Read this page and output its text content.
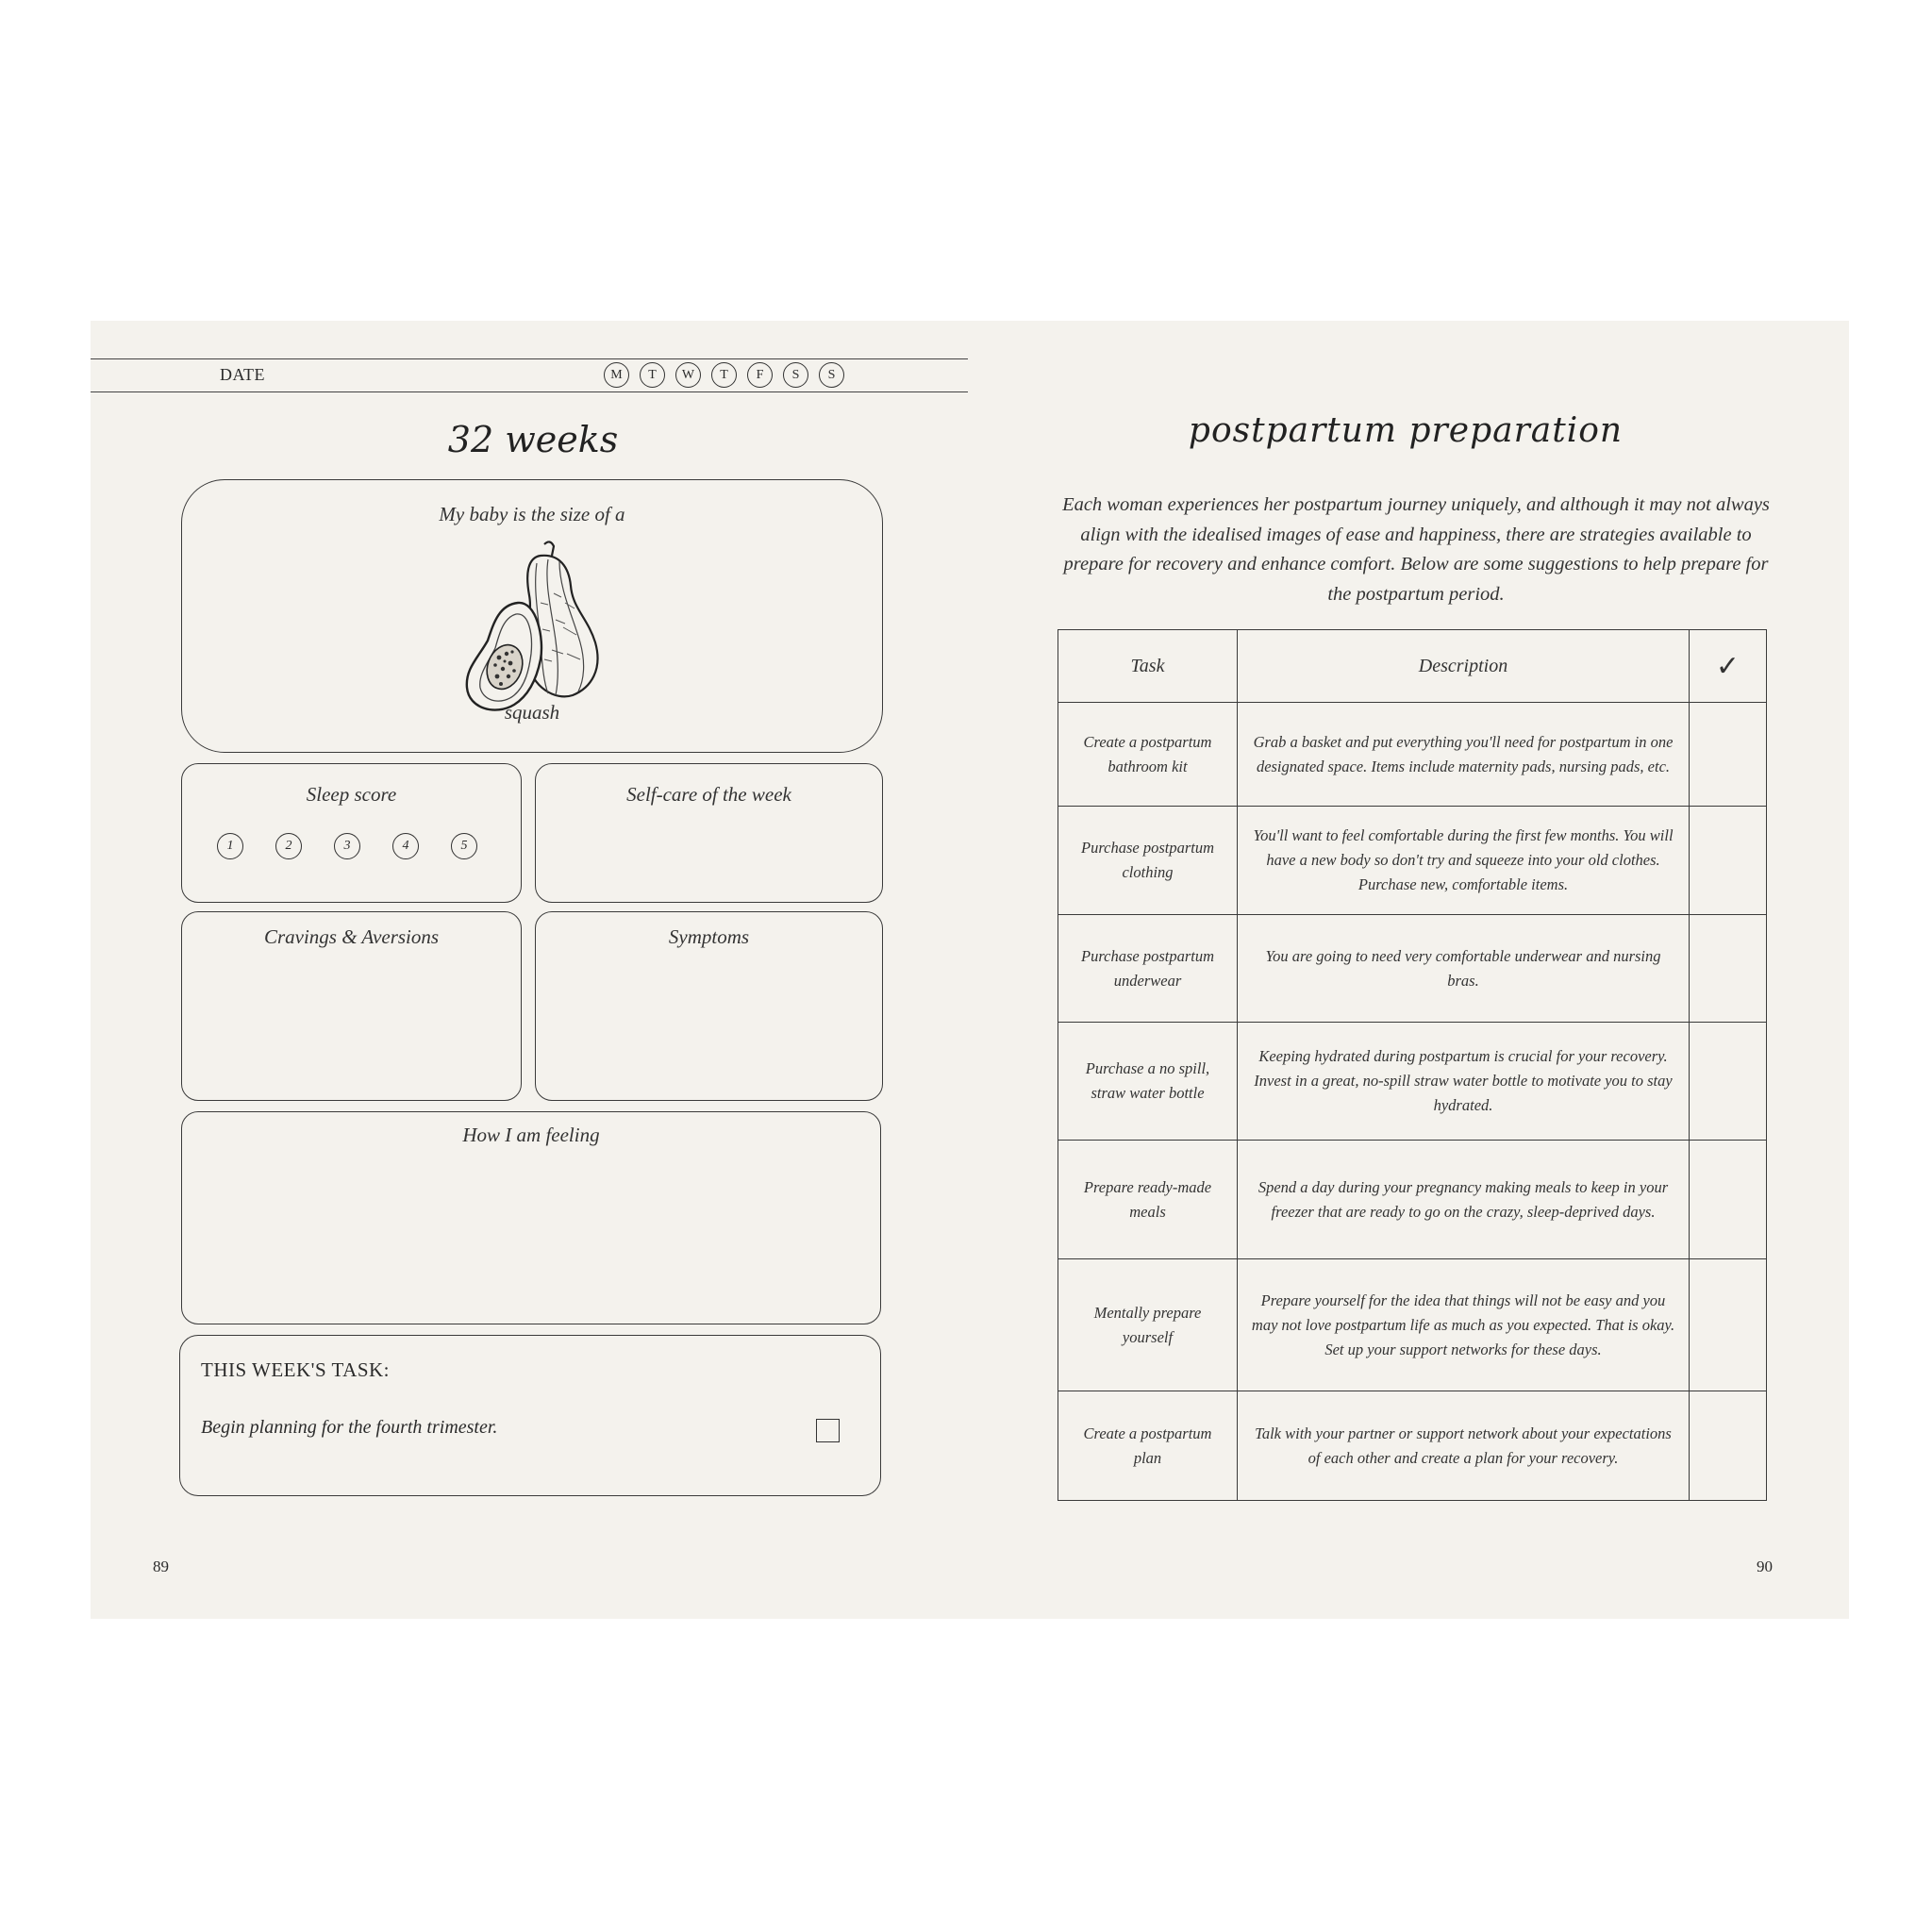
DATE	M	T	W	T	F	S	S
32 weeks
My baby is the size of a
squash
Sleep score
1	2	3	4	5
Self-care of the week
Cravings & Aversions	Symptoms
How I am feeling
THIS WEEK'S TASK:
Begin planning for the fourth trimester.
89
postpartum preparation
Each woman experiences her postpartum journey uniquely, and although it may not always align with the idealised images of ease and happiness, there are strategies available to prepare for recovery and enhance comfort. Below are some suggestions to help prepare for the postpartum period.
Task	Description	✓
Create a postpartum bathroom kit	Grab a basket and put everything you'll need for postpartum in one designated space. Items include maternity pads, nursing pads, etc.	
Purchase postpartum clothing	You'll want to feel comfortable during the first few months. You will have a new body so don't try and squeeze into your old clothes. Purchase new, comfortable items.	
Purchase postpartum underwear	You are going to need very comfortable underwear and nursing bras.	
Purchase a no spill, straw water bottle	Keeping hydrated during postpartum is crucial for your recovery. Invest in a great, no-spill straw water bottle to motivate you to stay hydrated.	
Prepare ready-made meals	Spend a day during your pregnancy making meals to keep in your freezer that are ready to go on the crazy, sleep-deprived days.	
Mentally prepare yourself	Prepare yourself for the idea that things will not be easy and you may not love postpartum life as much as you expected. That is okay. Set up your support networks for these days.	
Create a postpartum plan	Talk with your partner or support network about your expectations of each other and create a plan for your recovery.	
90
